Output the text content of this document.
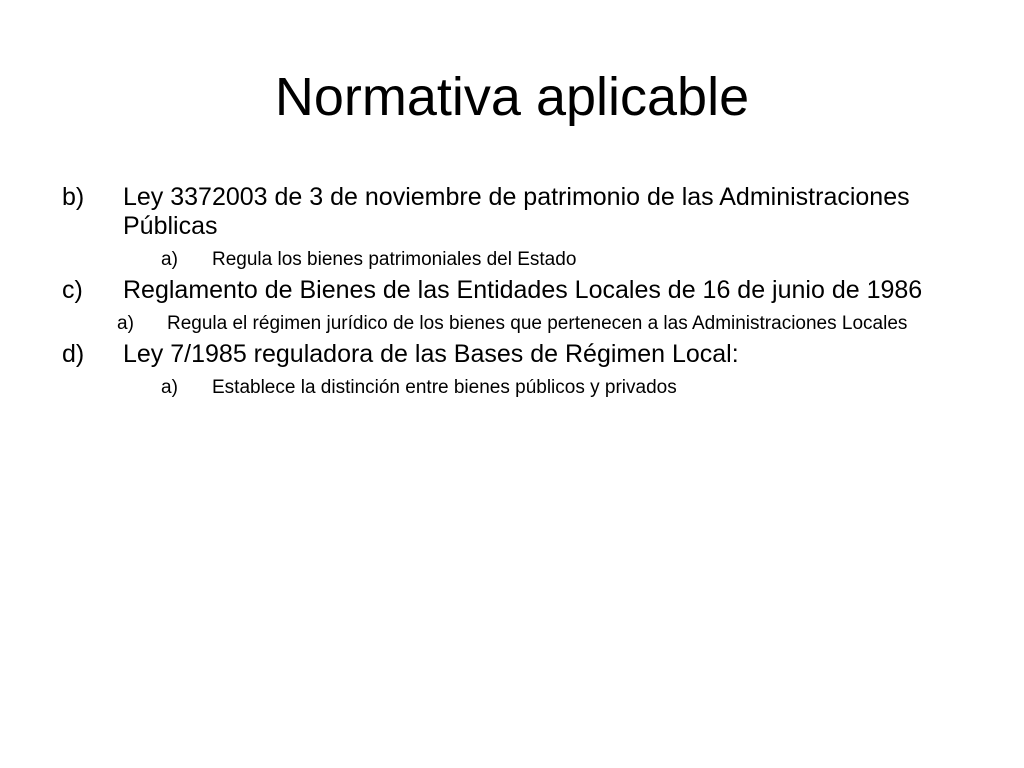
Normativa aplicable
b)	Ley 3372003 de 3 de noviembre de patrimonio de las Administraciones Públicas
a)	Regula los bienes patrimoniales del Estado
c)	Reglamento de Bienes de las Entidades Locales de 16 de junio de 1986
a)	Regula el régimen jurídico de los bienes que pertenecen a las Administraciones Locales
d)	Ley 7/1985 reguladora de las Bases de Régimen Local:
a)	Establece la distinción entre bienes públicos y privados
